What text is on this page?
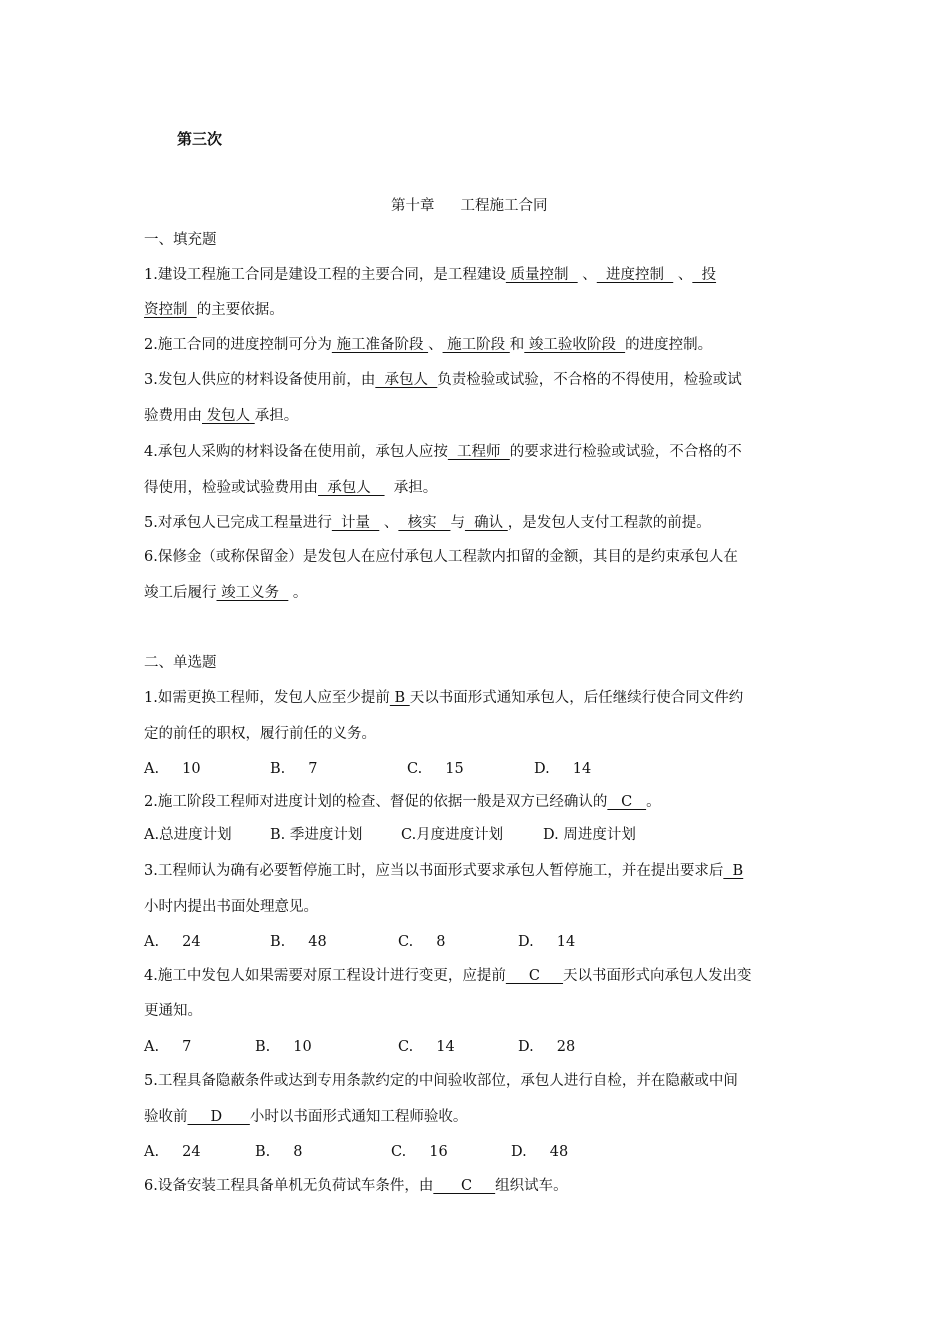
第三次
第十章 工程施工合同
一、填充题
1.建设工程施工合同是建设工程的主要合同，是工程建设 质量控制   、  进度控制   、  投
资控制  的主要依据。
2.施工合同的进度控制可分为 施工准备阶段 、 施工阶段 和 竣工验收阶段  的进度控制。
3.发包人供应的材料设备使用前，由  承包人  负责检验或试验，不合格的不得使用，检验或试
验费用由 发包人 承担。
4.承包人采购的材料设备在使用前，承包人应按  工程师  的要求进行检验或试验，不合格的不
得使用，检验或试验费用由  承包人     承担。
5.对承包人已完成工程量进行  计量   、  核实   与  确认 ，是发包人支付工程款的前提。
6.保修金（或称保留金）是发包人在应付承包人工程款内扣留的金额，其目的是约束承包人在
竣工后履行 竣工义务   。
二、单选题
1.如需更换工程师，发包人应至少提前 B 天以书面形式通知承包人，后任继续行使合同文件约
定的前任的职权，履行前任的义务。
A.     10	B.     7	C.     15	D.     14
2.施工阶段工程师对进度计划的检查、督促的依据一般是双方已经确认的   C   。
A.总进度计划	B. 季进度计划	C.月度进度计划	D. 周进度计划
3.工程师认为确有必要暂停施工时，应当以书面形式要求承包人暂停施工，并在提出要求后  B
小时内提出书面处理意见。
A.     24	B.     48	C.     8	D.     14
4.施工中发包人如果需要对原工程设计进行变更，应提前     C     天以书面形式向承包人发出变
更通知。
A.     7	B.     10	C.     14	D.     28
5.工程具备隐蔽条件或达到专用条款约定的中间验收部位，承包人进行自检，并在隐蔽或中间
验收前     D      小时以书面形式通知工程师验收。
A.     24	B.     8	C.     16	D.     48
6.设备安装工程具备单机无负荷试车条件，由      C     组织试车。
